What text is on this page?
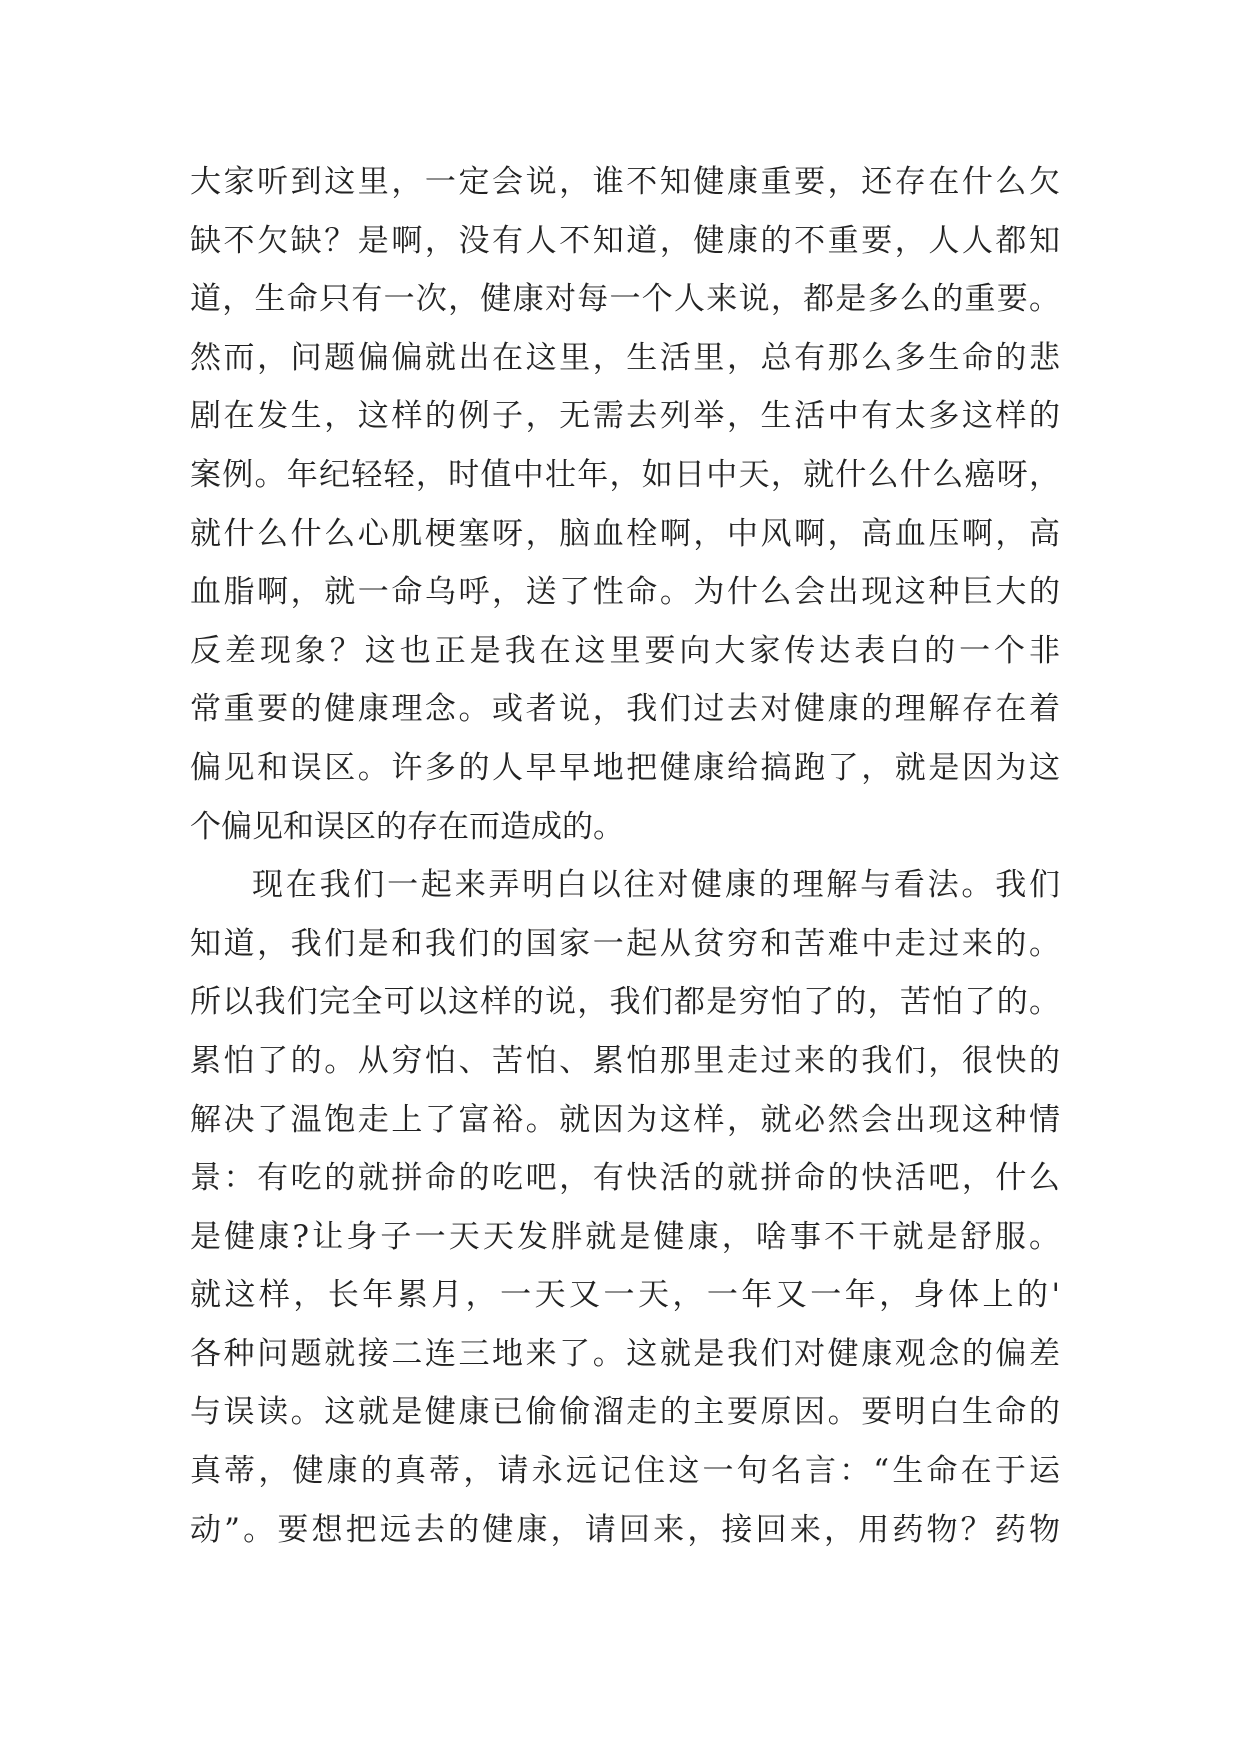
大家听到这里，一定会说，谁不知健康重要，还存在什么欠
缺不欠缺？是啊，没有人不知道，健康的不重要，人人都知
道，生命只有一次，健康对每一个人来说，都是多么的重要。
然而，问题偏偏就出在这里，生活里，总有那么多生命的悲
剧在发生，这样的例子，无需去列举，生活中有太多这样的
案例。年纪轻轻，时值中壮年，如日中天，就什么什么癌呀，
就什么什么心肌梗塞呀，脑血栓啊，中风啊，高血压啊，高
血脂啊，就一命乌呼，送了性命。为什么会出现这种巨大的
反差现象？这也正是我在这里要向大家传达表白的一个非
常重要的健康理念。或者说，我们过去对健康的理解存在着
偏见和误区。许多的人早早地把健康给搞跑了，就是因为这
个偏见和误区的存在而造成的。
现在我们一起来弄明白以往对健康的理解与看法。我们
知道，我们是和我们的国家一起从贫穷和苦难中走过来的。
所以我们完全可以这样的说，我们都是穷怕了的，苦怕了的。
累怕了的。从穷怕、苦怕、累怕那里走过来的我们，很快的
解决了温饱走上了富裕。就因为这样，就必然会出现这种情
景：有吃的就拼命的吃吧，有快活的就拼命的快活吧，什么
是健康?让身子一天天发胖就是健康，啥事不干就是舒服。
就这样，长年累月，一天又一天，一年又一年，身体上的'
各种问题就接二连三地来了。这就是我们对健康观念的偏差
与误读。这就是健康已偷偷溜走的主要原因。要明白生命的
真蒂，健康的真蒂，请永远记住这一句名言：“生命在于运
动”。要想把远去的健康，请回来，接回来，用药物？药物
